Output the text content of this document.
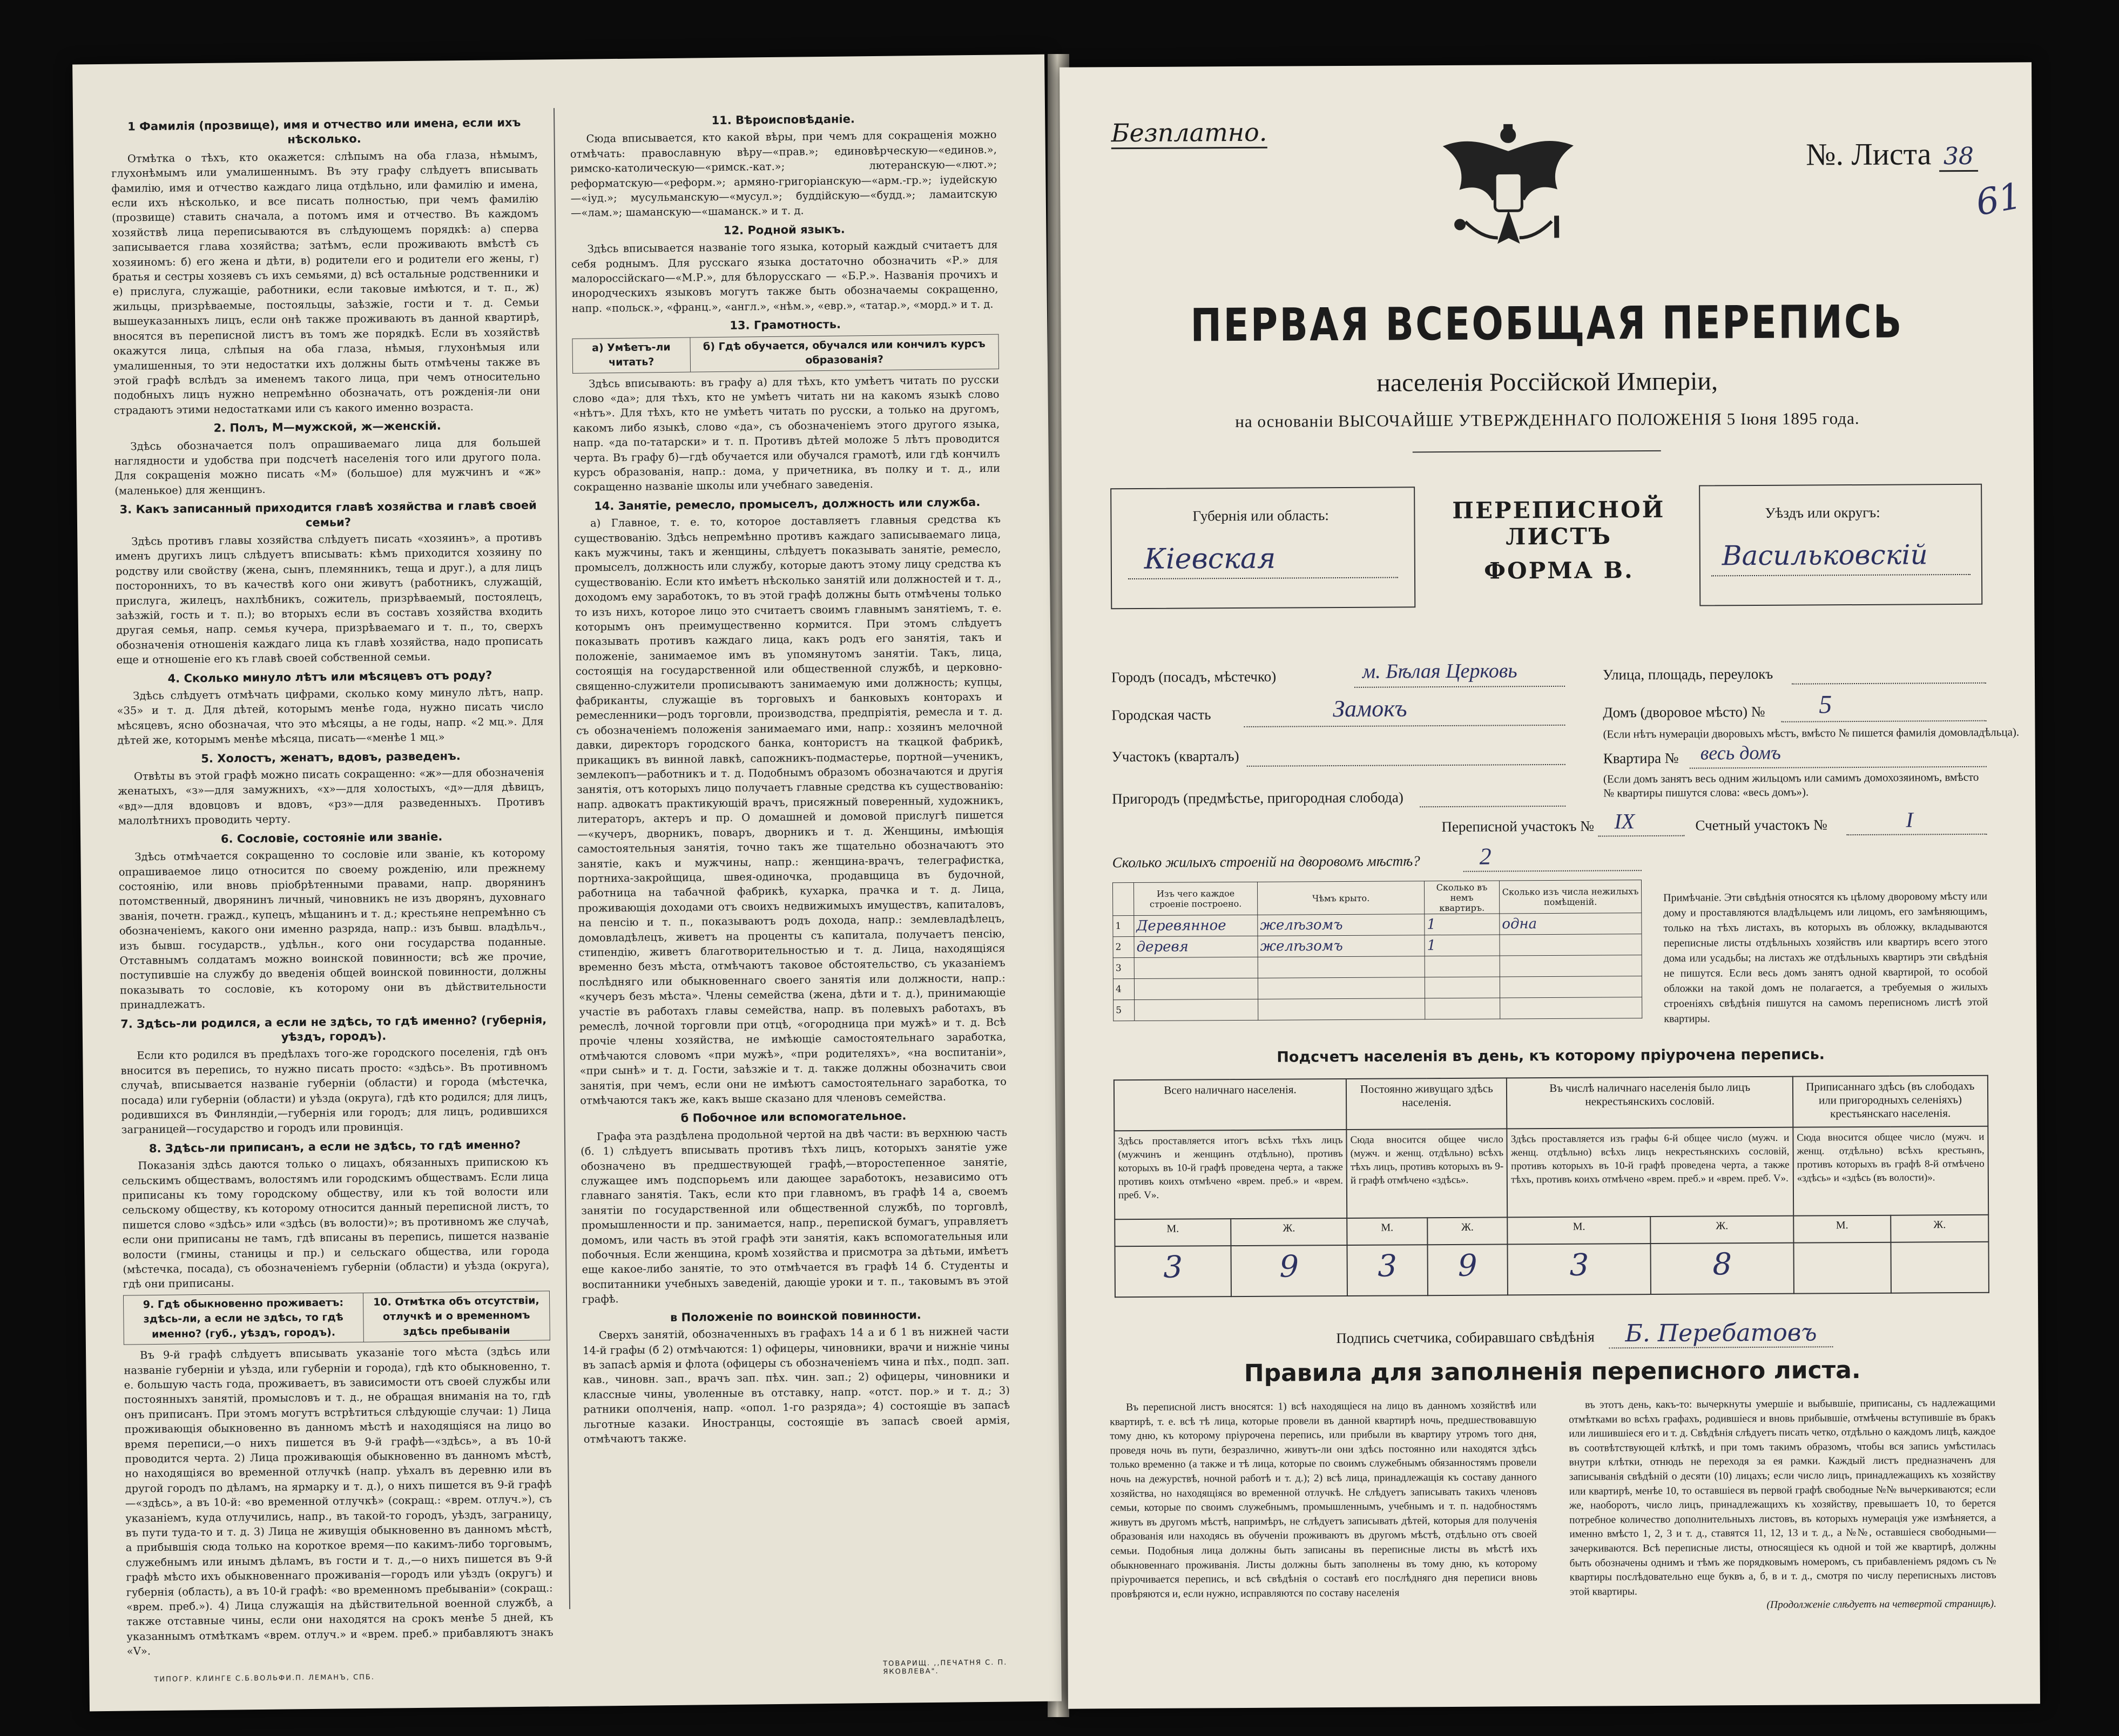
1 Фамилія (прозвище), имя и отчество или имена, если ихъ нѣсколько.

Отмѣтка о тѣхъ, кто окажется: слѣпымъ на оба глаза, нѣмымъ, глухонѣмымъ или умалишеннымъ. Въ эту графу слѣдуетъ вписывать фамилію, имя и отчество каждаго лица отдѣльно, или фамилію и имена, если ихъ нѣсколько, и все писать полностью, при чемъ фамилію (прозвище) ставить сначала, а потомъ имя и отчество. Въ каждомъ хозяйствѣ лица переписываются въ слѣдующемъ порядкѣ: а) сперва записывается глава хозяйства; затѣмъ, если проживають вмѣстѣ съ хозяиномъ: б) его жена и дѣти, в) родители его и родители его жены, г) братья и сестры хозяевъ съ ихъ семьями, д) всѣ остальные родственники и е) прислуга, служащіе, работники, если таковые имѣются, и т. п., ж) жильцы, призрѣваемые, постояльцы, заѣзжіе, гости и т. д. Семьи вышеуказанныхъ лицъ, если онѣ также проживають въ данной квартирѣ, вносятся въ переписной листъ въ томъ же порядкѣ. Если въ хозяйствѣ окажутся лица, слѣпыя на оба глаза, нѣмыя, глухонѣмыя или умалишенныя, то эти недостатки ихъ должны быть отмѣчены также въ этой графѣ вслѣдъ за именемъ такого лица, при чемъ относительно подобныхъ лицъ нужно непремѣнно обозначать, отъ рожденія-ли они страдаютъ этими недостатками или съ какого именно возраста.

2. Полъ, М—мужской, ж—женскій.

Здѣсь обозначается полъ опрашиваемаго лица для большей наглядности и удобства при подсчетѣ населенія того или другого пола. Для сокращенія можно писать «М» (большое) для мужчинъ и «ж» (маленькое) для женщинъ.

3. Какъ записанный приходится главѣ хозяйства и главѣ своей семьи?

Здѣсь противъ главы хозяйства слѣдуетъ писать «хозяинъ», а противъ именъ другихъ лицъ слѣдуетъ вписывать: кѣмъ приходится хозяину по родству или свойству (жена, сынъ, племянникъ, теща и друг.), а для лицъ постороннихъ, то въ качествѣ кого они живутъ (работникъ, служащій, прислуга, жилецъ, нахлѣбникъ, сожитель, призрѣваемый, постоялецъ, заѣзжій, гость и т. п.); во вторыхъ если въ составъ хозяйства входить другая семья, напр. семья кучера, призрѣваемаго и т. п., то, сверхъ обозначенія отношенія каждаго лица къ главѣ хозяйства, надо прописать еще и отношеніе его къ главѣ своей собственной семьи.

4. Сколько минуло лѣтъ или мѣсяцевъ отъ роду?

Здѣсь слѣдуетъ отмѣчать цифрами, сколько кому минуло лѣтъ, напр. «35» и т. д. Для дѣтей, которымъ менѣе года, нужно писать число мѣсяцевъ, ясно обозначая, что это мѣсяцы, а не годы, напр. «2 мц.». Для дѣтей же, которымъ менѣе мѣсяца, писать—«менѣе 1 мц.»

5. Холостъ, женатъ, вдовъ, разведенъ.

Отвѣты въ этой графѣ можно писать сокращенно: «ж»—для обозначенія женатыхъ, «з»—для замужнихъ, «х»—для холостыхъ, «д»—для дѣвицъ, «вд»—для вдовцовъ и вдовъ, «рз»—для разведенныхъ. Противъ малолѣтнихъ проводить черту.

6. Сословіе, состояніе или званіе.

Здѣсь отмѣчается сокращенно то сословіе или званіе, къ которому опрашиваемое лицо относится по своему рожденію, или прежнему состоянію, или вновь пріобрѣтенными правами, напр. дворянинъ потомственный, дворянинъ личный, чиновникъ не изъ дворянъ, духовнаго званія, почетн. гражд., купецъ, мѣщанинъ и т. д.; крестьяне непремѣнно съ обозначеніемъ, какого они именно разряда, напр.: изъ бывш. владѣльч., изъ бывш. государств., удѣльн., кого они государства поданные. Отставнымъ солдатамъ можно воинской повинности; всѣ же прочие, поступившіе на службу до введенія общей воинской повинности, должны показывать то сословіе, къ которому они въ дѣйствительности принадлежатъ.

7. Здѣсь-ли родился, а если не здѣсь, то гдѣ именно? (губернія, уѣздъ, городъ).

Если кто родился въ предѣлахъ того-же городского поселенія, гдѣ онъ вносится въ перепись, то нужно писать просто: «здѣсь». Въ противномъ случаѣ, вписывается названіе губерніи (области) и города (мѣстечка, посада) или губерніи (области) и уѣзда (округа), гдѣ кто родился; для лицъ, родившихся въ Финляндіи,—губернія или городъ; для лицъ, родившихся заграницей—государство и городъ или провинція.

8. Здѣсь-ли приписанъ, а если не здѣсь, то гдѣ именно?

Показанія здѣсь даются только о лицахъ, обязанныхъ припискою къ сельскимъ обществамъ, волостямъ или городскимъ обществамъ. Если лица приписаны къ тому городскому обществу, или къ той волости или сельскому обществу, къ которому относится данный переписной листъ, то пишется слово «здѣсь» или «здѣсь (въ волости)»; въ противномъ же случаѣ, если они приписаны не тамъ, гдѣ вписаны въ перепись, пишется названіе волости (гмины, станицы и пр.) и сельскаго общества, или города (мѣстечка, посада), съ обозначеніемъ губерніи (области) и уѣзда (округа), гдѣ они приписаны.

9. Гдѣ обыкновенно проживаетъ: здѣсь-ли, а если не здѣсь, то гдѣ именно? (губ., уѣздъ, городъ).	10. Отмѣтка объ отсутствіи, отлучкѣ и о временномъ здѣсь пребываніи

Въ 9-й графѣ слѣдуетъ вписывать указаніе того мѣста (здѣсь или названіе губерніи и уѣзда, или губерніи и города), гдѣ кто обыкновенно, т. е. большую часть года, проживаетъ, въ зависимости отъ своей службы или постоянныхъ занятій, промысловъ и т. д., не обращая вниманія на то, гдѣ онъ приписанъ. При этомъ могутъ встрѣтиться слѣдующіе случаи: 1) Лица проживающія обыкновенно въ данномъ мѣстѣ и находящіяся на лицо во время переписи,—о нихъ пишется въ 9-й графѣ—«здѣсь», а въ 10-й проводится черта. 2) Лица проживающія обыкновенно въ данномъ мѣстѣ, но находящіяся во временной отлучкѣ (напр. уѣхалъ въ деревню или въ другой городъ по дѣламъ, на ярмарку и т. д.), о нихъ пишется въ 9-й графѣ—«здѣсь», а въ 10-й: «во временной отлучкѣ» (сокращ.: «врем. отлуч.»), съ указаніемъ, куда отлучились, напр., въ такой-то городъ, уѣздъ, заграницу, въ пути туда-то и т. д. 3) Лица не живущія обыкновенно въ данномъ мѣстѣ, а прибывшія сюда только на короткое время—по какимъ-либо торговымъ, служебнымъ или инымъ дѣламъ, въ гости и т. д.,—о нихъ пишется въ 9-й графѣ мѣсто ихъ обыкновеннаго проживанія—городъ или уѣздъ (округъ) и губернія (область), а въ 10-й графѣ: «во временномъ пребываніи» (сокращ.: «врем. преб.»). 4) Лица служащія на дѣйствительной военной службѣ, а также отставные чины, если они находятся на срокъ менѣе 5 дней, къ указаннымъ отмѣткамъ «врем. отлуч.» и «врем. преб.» прибавляютъ знакъ «V».

11. Вѣроисповѣданіе.

Сюда вписывается, кто какой вѣры, при чемъ для сокращенія можно отмѣчать: православную вѣру—«прав.»; единовѣрческую—«единов.», римско-католическую—«римск.-кат.»; лютеранскую—«лют.»; реформатскую—«реформ.»; армяно-григоріанскую—«арм.-гр.»; іудейскую—«іуд.»; мусульманскую—«мусул.»; буддійскую—«будд.»; ламаитскую—«лам.»; шаманскую—«шаманск.» и т. д.

12. Родной языкъ.

Здѣсь вписывается названіе того языка, который каждый считаетъ для себя роднымъ. Для русскаго языка достаточно обозначить «Р.» для малороссійскаго—«М.Р.», для бѣлорусскаго — «Б.Р.». Названія прочихъ и инородческихъ языковъ могутъ также быть обозначаемы сокращенно, напр. «польск.», «франц.», «англ.», «нѣм.», «евр.», «татар.», «морд.» и т. д.

13. Грамотность.
а) Умѣетъ-ли читать?	б) Гдѣ обучается, обучался или кончилъ курсъ образованія?

Здѣсь вписывають: въ графу а) для тѣхъ, кто умѣетъ читать по русски слово «да»; для тѣхъ, кто не умѣетъ читать ни на какомъ языкѣ слово «нѣтъ». Для тѣхъ, кто не умѣетъ читать по русски, а только на другомъ, какомъ либо языкѣ, слово «да», съ обозначеніемъ этого другого языка, напр. «да по-татарски» и т. п. Противъ дѣтей моложе 5 лѣтъ проводится черта. Въ графу б)—гдѣ обучается или обучался грамотѣ, или гдѣ кончилъ курсъ образованія, напр.: дома, у причетника, въ полку и т. д., или сокращенно названіе школы или учебнаго заведенія.

14. Занятіе, ремесло, промыселъ, должность или служба.

а) Главное, т. е. то, которое доставляетъ главныя средства къ существованію. Здѣсь непремѣнно противъ каждаго записываемаго лица, какъ мужчины, такъ и женщины, слѣдуетъ показывать занятіе, ремесло, промыселъ, должность или службу, которые даютъ этому лицу средства къ существованію. Если кто имѣетъ нѣсколько занятій или должностей и т. д., доходомъ ему заработокъ, то въ этой графѣ должны быть отмѣчены только то изъ нихъ, которое лицо это считаетъ своимъ главнымъ занятіемъ, т. е. которымъ онъ преимущественно кормится. При этомъ слѣдуетъ показывать противъ каждаго лица, какъ родъ его занятія, такъ и положеніе, занимаемое имъ въ упомянутомъ занятіи. Такъ, лица, состоящія на государственной или общественной службѣ, и церковно-священно-служители прописываютъ занимаемую ими должность; купцы, фабриканты, служащіе въ торговыхъ и банковыхъ конторахъ и ремесленники—родъ торговли, производства, предпріятія, ремесла и т. д. съ обозначеніемъ положенія занимаемаго ими, напр.: хозяинъ мелочной давки, директоръ городского банка, контористъ на ткацкой фабрикѣ, прикащикъ въ винной лавкѣ, сапожникъ-подмастерье, портной—ученикъ, землекопъ—работникъ и т. д. Подобнымъ образомъ обозначаются и другія занятія, отъ которыхъ лицо получаетъ главные средства къ существованію: напр. адвокатъ практикующій врачъ, присяжный поверенный, художникъ, литераторъ, актеръ и пр. О домашней и домовой прислугѣ пишется—«кучеръ, дворникъ, поваръ, дворникъ и т. д. Женщины, имѣющія самостоятельныя занятія, точно такъ же тщательно обозначаютъ это занятіе, какъ и мужчины, напр.: женщина-врачъ, телеграфистка, портниха-закройщица, швея-одиночка, продавщица въ будочной, работница на табачной фабрикѣ, кухарка, прачка и т. д. Лица, проживающія доходами отъ своихъ недвижимыхъ имуществъ, капиталовъ, на пенсію и т. п., показываютъ родъ дохода, напр.: землевладѣлецъ, домовладѣлецъ, живетъ на проценты съ капитала, получаетъ пенсію, стипендію, живетъ благотворительностью и т. д. Лица, находящіяся временно безъ мѣста, отмѣчаютъ таковое обстоятельство, съ указаніемъ послѣдняго или обыкновеннаго своего занятія или должности, напр.: «кучеръ безъ мѣста». Члены семейства (жена, дѣти и т. д.), принимающіе участіе въ работахъ главы семейства, напр. въ полевыхъ работахъ, въ ремеслѣ, лочной торговли при отцѣ, «огородница при мужѣ» и т. д. Всѣ прочіе члены хозяйства, не имѣющіе самостоятельнаго заработка, отмѣчаются словомъ «при мужѣ», «при родителяхъ», «на воспитаніи», «при сынѣ» и т. д. Гости, заѣзжіе и т. д. также должны обозначить свои занятія, при чемъ, если они не имѣютъ самостоятельнаго заработка, то отмѣчаются такъ же, какъ выше сказано для членовъ семейства.

б Побочное или вспомогательное.

Графа эта раздѣлена продольной чертой на двѣ части: въ верхнюю часть (б. 1) слѣдуетъ вписывать противъ тѣхъ лицъ, которыхъ занятіе уже обозначено въ предшествующей графѣ,—второстепенное занятіе, служащее имъ подспорьемъ или дающее заработокъ, независимо отъ главнаго занятія. Такъ, если кто при главномъ, въ графѣ 14 а, своемъ занятіи по государственной или общественной службѣ, по торговлѣ, промышленности и пр. занимается, напр., перепиской бумагъ, управляетъ домомъ, или часть въ этой графѣ эти занятія, какъ вспомогательныя или побочныя. Если женщина, кромѣ хозяйства и присмотра за дѣтьми, имѣетъ еще какое-либо занятіе, то это отмѣчается въ графѣ 14 б. Студенты и воспитанники учебныхъ заведеній, дающіе уроки и т. п., таковымъ въ этой графѣ.

в Положеніе по воинской повинности.

Сверхъ занятій, обозначенныхъ въ графахъ 14 а и б 1 въ нижней части 14-й графы (б 2) отмѣчаются: 1) офицеры, чиновники, врачи и нижніе чины въ запасѣ армія и флота (офицеры съ обозначеніемъ чина и пѣх., подп. зап. кав., чиновн. зап., врачъ зап. пѣх. чин. зап.; 2) офицеры, чиновники и классные чины, уволенные въ отставку, напр. «отст. пор.» и т. д.; 3) ратники ополченія, напр. «опол. 1-го разряда»; 4) состоящіе въ запасѣ льготные казаки. Иностранцы, состоящіе въ запасѣ своей армія, отмѣчаютъ также.

ТИПОГР. КЛИНГЕ С.Б.ВОЛЬФИ.П. ЛЕМАНЪ, СПБ.
ТОВАРИЩ. ,,ПЕЧАТНЯ С. П. ЯКОВЛЕВА".
Безплатно.
№. Листа 38
61
ПЕРВАЯ ВСЕОБЩАЯ ПЕРЕПИСЬ
населенія Россійской Имперіи,
на основаніи ВЫСОЧАЙШЕ УТВЕРЖДЕННАГО ПОЛОЖЕНІЯ 5 Іюня 1895 года.
Губернія или область:
Кіевская
ПЕРЕПИСНОЙ ЛИСТЪ
ФОРМА В.
Уѣздъ или округъ:
Васильковскій
Городъ (посадъ, мѣстечко)	м. Бѣлая Церковь
Городская часть	Замокъ
Участокъ (кварталъ)
Пригородъ (предмѣстье, пригородная слобода)
Улица, площадь, переулокъ
Домъ (дворовое мѣсто) № 5
(Если нѣтъ нумераціи дворовыхъ мѣстъ, вмѣсто № пишется фамилія домовладѣльца).
Квартира № весь домъ
(Если домъ занятъ весь одним жильцомъ или самимъ домохозяиномъ, вмѣсто № квартиры пишутся слова: «весь домъ»).
Переписной участокъ № IX	Счетный участокъ №	I
Сколько жилыхъ строеній на дворовомъ мѣстѣ? 2
	Изъ чего каждое строеніе построено.	Чѣмъ крыто.	Сколько въ немъ квартиръ.	Сколько изъ числа нежилыхъ помѣщеній.
1	Деревянное	желѣзомъ	1	одна
2	деревя	желѣзомъ	1	
3				
4				
5				
Примѣчаніе. Эти свѣдѣнія относятся къ цѣлому дворовому мѣсту или дому и проставляются владѣльцемъ или лицомъ, его замѣняющимъ, только на тѣхъ листахъ, въ которыхъ въ обложку, вкладываются переписные листы отдѣльныхъ хозяйствъ или квартиръ всего этого дома или усадьбы; на листахъ же отдѣльныхъ квартиръ эти свѣдѣнія не пишутся. Если весь домъ занятъ одной квартирой, то особой обложки на такой домъ не полагается, а требуемыя о жилыхъ строеніяхъ свѣдѣнія пишутся на самомъ переписномъ листѣ этой квартиры.
Подсчетъ населенія въ день, къ которому пріурочена перепись.
Всего наличнаго населенія.		Постоянно живущаго здѣсь населенія.		Въ числѣ наличнаго населенія было лицъ некрестьянскихъ сословій.		Приписаннаго здѣсь (въ слободахъ или пригородныхъ селеніяхъ) крестьянскаго населенія.	
Здѣсь проставляется итогъ всѣхъ тѣхъ лицъ (мужчинъ и женщинъ отдѣльно), противъ которыхъ въ 10-й графѣ проведена черта, а также противъ коихъ отмѣчено «врем. преб.» и «врем. преб. V».		Сюда вносится общее число (мужч. и женщ. отдѣльно) всѣхъ тѣхъ лицъ, противъ которыхъ въ 9-й графѣ отмѣчено «здѣсь».		Здѣсь проставляется изъ графы 6-й общее число (мужч. и женщ. отдѣльно) всѣхъ лицъ некрестьянскихъ сословій, противъ которыхъ въ 10-й графѣ проведена черта, а также тѣхъ, противъ коихъ отмѣчено «врем. преб.» и «врем. преб. V».		Сюда вносится общее число (мужч. и женщ. отдѣльно) всѣхъ крестьянъ, противъ которыхъ въ графѣ 8-й отмѣчено «здѣсь» и «здѣсь (въ волости)».	
М.	Ж.	М.	Ж.	М.	Ж.	М.	Ж.
3	9	3	9	3	8		
Подпись счетчика, собиравшаго свѣдѣнія Б. Перебатовъ
Правила для заполненія переписного листа.

Въ переписной листъ вносятся: 1) всѣ находящіеся на лицо въ данномъ хозяйствѣ или квартирѣ, т. е. всѣ тѣ лица, которые провели въ данной квартирѣ ночь, предшествовавшую тому дню, къ которому пріурочена перепись, или прибыли въ квартиру утромъ того дня, проведя ночь въ пути, безразлично, живутъ-ли они здѣсь постоянно или находятся здѣсь только временно (а также и тѣ лица, которые по своимъ служебнымъ обязанностямъ провели ночь на дежурствѣ, ночной работѣ и т. д.); 2) всѣ лица, принадлежащія къ составу данного хозяйства, но находящіяся во временной отлучкѣ. Не слѣдуетъ записывать такихъ членовъ семьи, которые по своимъ служебнымъ, промышленнымъ, учебнымъ и т. п. надобностямъ живутъ въ другомъ мѣстѣ, напримѣръ, не слѣдуетъ записывать дѣтей, которыя для полученія образованія или находясь въ обученіи проживаютъ въ другомъ мѣстѣ, отдѣльно отъ своей семьи. Подобныя лица должны быть записаны въ переписные листы въ мѣстѣ ихъ обыкновеннаго проживанія. Листы должны быть заполнены въ тому дню, къ которому пріурочивается перепись, и всѣ свѣдѣнія о составѣ его послѣдняго дня переписи вновь провѣряются и, если нужно, исправляются по составу населенія

въ этотъ день, какъ-то: вычеркнуты умершіе и выбывшіе, приписаны, съ надлежащими отмѣтками во всѣхъ графахъ, родившіеся и вновь прибывшіе, отмѣчены вступившіе въ бракъ или лишившіеся его и т. д. Свѣдѣнія слѣдуетъ писать четко, отдѣльно о каждомъ лицѣ, каждое въ соотвѣтствующей клѣткѣ, и при томъ такимъ образомъ, чтобы вся запись умѣстилась внутри клѣтки, отнюдь не переходя за ея рамки. Каждый листъ предназначенъ для записыванія свѣдѣній о десяти (10) лицахъ; если число лицъ, принадлежащихъ къ хозяйству или квартирѣ, менѣе 10, то оставшіеся въ первой графѣ свободные №№ вычеркиваются; если же, наоборотъ, число лицъ, принадлежащихъ къ хозяйству, превышаетъ 10, то берется потребное количество дополнительныхъ листовъ, въ которыхъ нумерація уже измѣняется, а именно вмѣсто 1, 2, 3 и т. д., ставятся 11, 12, 13 и т. д., а №№, оставшіеся свободными—зачеркиваются. Всѣ переписные листы, относящіеся къ одной и той же квартирѣ, должны быть обозначены однимъ и тѣмъ же порядковымъ номеромъ, съ прибавленіемъ рядомъ съ № квартиры послѣдовательно еще буквъ а, б, в и т. д., смотря по числу переписныхъ листовъ этой квартиры.

(Продолженіе слѣдуетъ на четвертой страницѣ).
